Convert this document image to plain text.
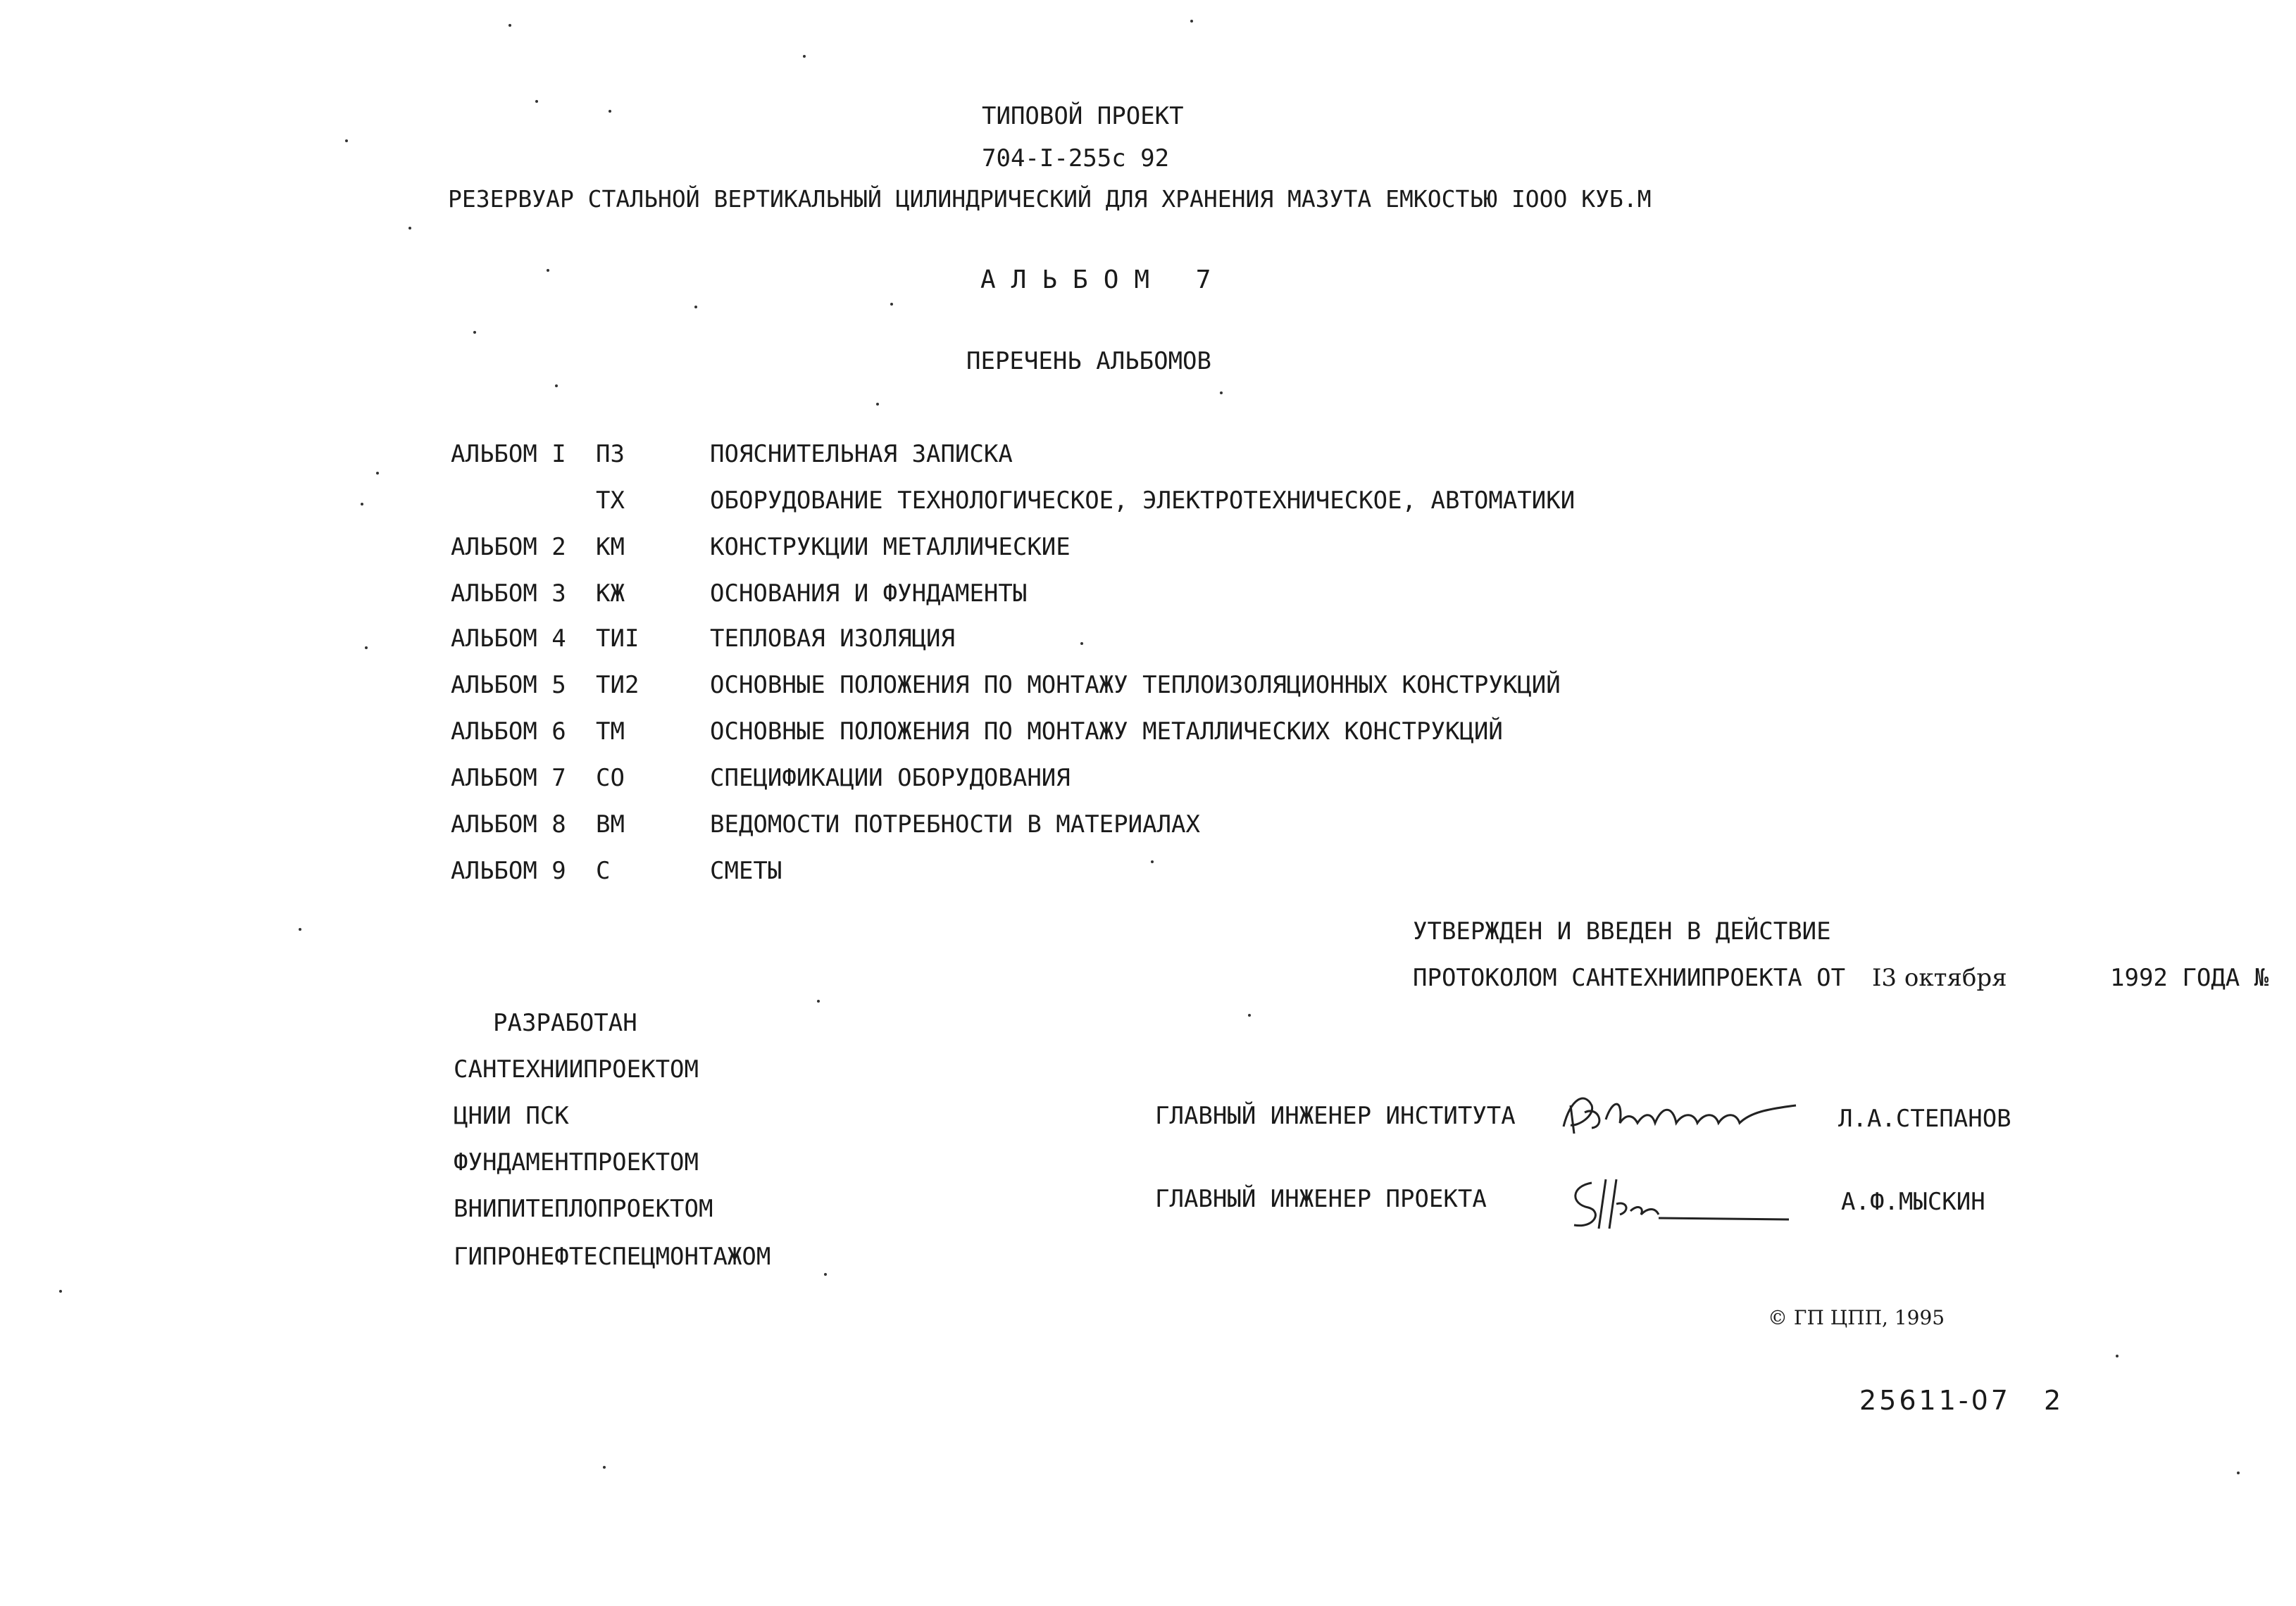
ТИПОВОЙ ПРОЕКТ
704-I-255с 92
РЕЗЕРВУАР СТАЛЬНОЙ ВЕРТИКАЛЬНЫЙ ЦИЛИНДРИЧЕСКИЙ ДЛЯ ХРАНЕНИЯ МАЗУТА ЕМКОСТЬЮ IOOO КУБ.М
АЛЬБОМ 7
ПЕРЕЧЕНЬ АЛЬБОМОВ
АЛЬБОМ I ПЗ	ПОЯСНИТЕЛЬНАЯ ЗАПИСКА
ТХ	ОБОРУДОВАНИЕ ТЕХНОЛОГИЧЕСКОЕ, ЭЛЕКТРОТЕХНИЧЕСКОЕ, АВТОМАТИКИ
АЛЬБОМ 2 КМ	КОНСТРУКЦИИ МЕТАЛЛИЧЕСКИЕ
АЛЬБОМ 3 КЖ	ОСНОВАНИЯ И ФУНДАМЕНТЫ
АЛЬБОМ 4 ТИI	ТЕПЛОВАЯ ИЗОЛЯЦИЯ
АЛЬБОМ 5 ТИ2	ОСНОВНЫЕ ПОЛОЖЕНИЯ ПО МОНТАЖУ ТЕПЛОИЗОЛЯЦИОННЫХ КОНСТРУКЦИЙ
АЛЬБОМ 6 ТМ	ОСНОВНЫЕ ПОЛОЖЕНИЯ ПО МОНТАЖУ МЕТАЛЛИЧЕСКИХ КОНСТРУКЦИЙ
АЛЬБОМ 7 СО	СПЕЦИФИКАЦИИ ОБОРУДОВАНИЯ
АЛЬБОМ 8 ВМ	ВЕДОМОСТИ ПОТРЕБНОСТИ В МАТЕРИАЛАХ
АЛЬБОМ 9 С	СМЕТЫ
УТВЕРЖДЕН И ВВЕДЕН В ДЕЙСТВИЕ
ПРОТОКОЛОМ САНТЕХНИИПРОЕКТА ОТ I3 октября	1992 ГОДА №
РАЗРАБОТАН
САНТЕХНИИПРОЕКТОМ
ЦНИИ ПСК
ФУНДАМЕНТПРОЕКТОМ
ВНИПИТЕПЛОПРОЕКТОМ
ГИПРОНЕФТЕСПЕЦМОНТАЖОМ
ГЛАВНЫЙ ИНЖЕНЕР ИНСТИТУТА	Л.А.СТЕПАНОВ
ГЛАВНЫЙ ИНЖЕНЕР ПРОЕКТА	А.Ф.МЫСКИН
© ГП ЦПП, 1995
25611-07 2
